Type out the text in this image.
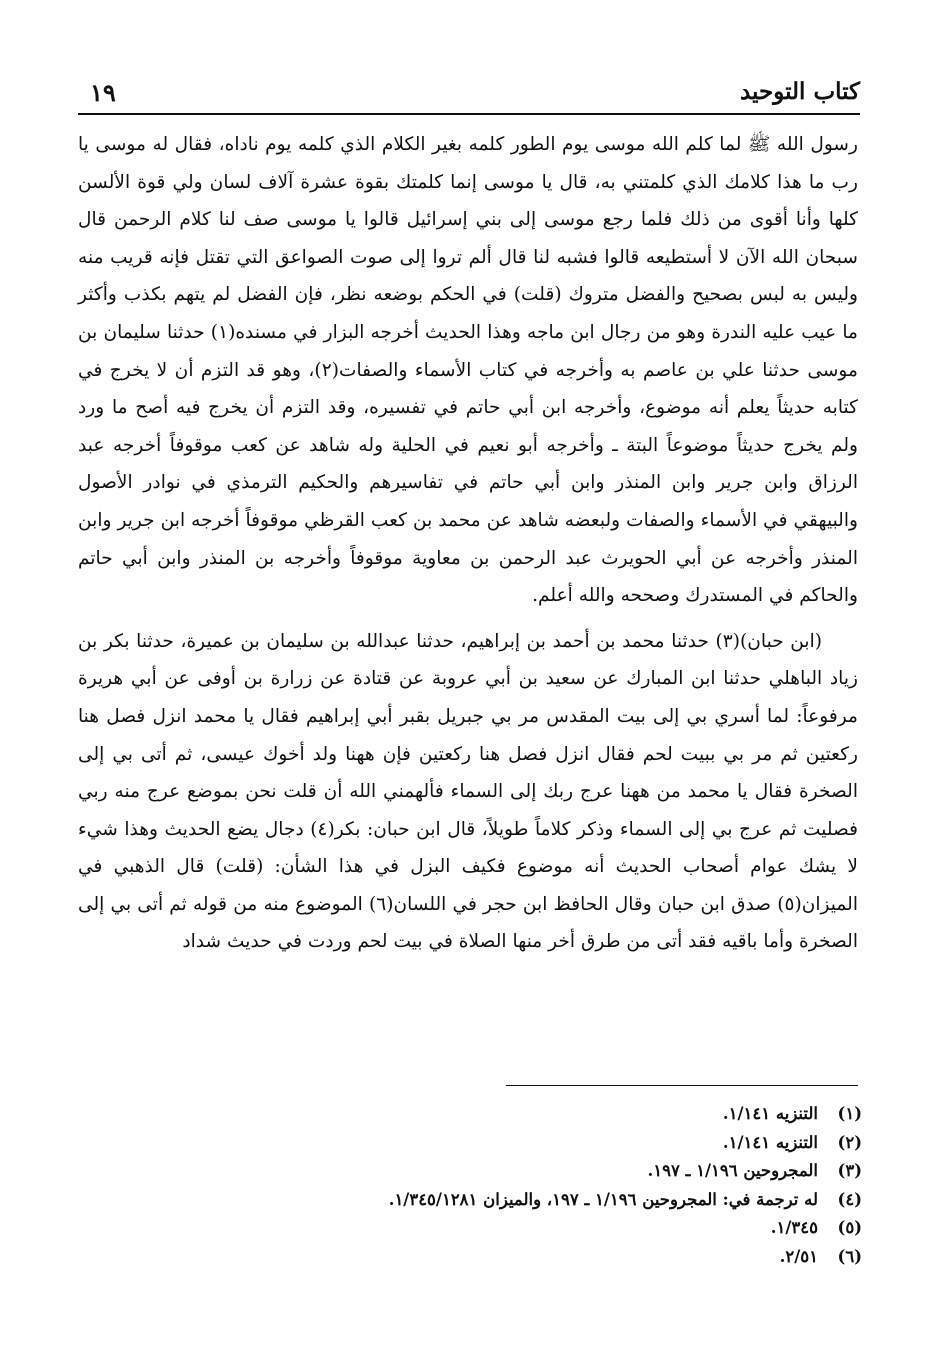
كتاب التوحيد
١٩

رسول الله ﷺ لما كلم الله موسى يوم الطور كلمه بغير الكلام الذي كلمه يوم ناداه، فقال له موسى يا رب ما هذا كلامك الذي كلمتني به، قال يا موسى إنما كلمتك بقوة عشرة آلاف لسان ولي قوة الألسن كلها وأنا أقوى من ذلك فلما رجع موسى إلى بني إسرائيل قالوا يا موسى صف لنا كلام الرحمن قال سبحان الله الآن لا أستطيعه قالوا فشبه لنا قال ألم تروا إلى صوت الصواعق التي تقتل فإنه قريب منه وليس به لبس بصحيح والفضل متروك (قلت) في الحكم بوضعه نظر، فإن الفضل لم يتهم بكذب وأكثر ما عيب عليه الندرة وهو من رجال ابن ماجه وهذا الحديث أخرجه البزار في مسنده(١) حدثنا سليمان بن موسى حدثنا علي بن عاصم به وأخرجه في كتاب الأسماء والصفات(٢)، وهو قد التزم أن لا يخرج في كتابه حديثاً يعلم أنه موضوع، وأخرجه ابن أبي حاتم في تفسيره، وقد التزم أن يخرج فيه أصح ما ورد ولم يخرج حديثاً موضوعاً البتة ـ وأخرجه أبو نعيم في الحلية وله شاهد عن كعب موقوفاً أخرجه عبد الرزاق وابن جرير وابن المنذر وابن أبي حاتم في تفاسيرهم والحكيم الترمذي في نوادر الأصول والبيهقي في الأسماء والصفات ولبعضه شاهد عن محمد بن كعب القرظي موقوفاً أخرجه ابن جرير وابن المنذر وأخرجه عن أبي الحويرث عبد الرحمن بن معاوية موقوفاً وأخرجه بن المنذر وابن أبي حاتم والحاكم في المستدرك وصححه والله أعلم.

(ابن حبان)(٣) حدثنا محمد بن أحمد بن إبراهيم، حدثنا عبدالله بن سليمان بن عميرة، حدثنا بكر بن زياد الباهلي حدثنا ابن المبارك عن سعيد بن أبي عروبة عن قتادة عن زرارة بن أوفى عن أبي هريرة مرفوعاً: لما أسري بي إلى بيت المقدس مر بي جبريل بقبر أبي إبراهيم فقال يا محمد انزل فصل هنا ركعتين ثم مر بي ببيت لحم فقال انزل فصل هنا ركعتين فإن ههنا ولد أخوك عيسى، ثم أتى بي إلى الصخرة فقال يا محمد من ههنا عرج ربك إلى السماء فألهمني الله أن قلت نحن بموضع عرج منه ربي فصليت ثم عرج بي إلى السماء وذكر كلاماً طويلاً، قال ابن حبان: بكر(٤) دجال يضع الحديث وهذا شيء لا يشك عوام أصحاب الحديث أنه موضوع فكيف البزل في هذا الشأن: (قلت) قال الذهبي في الميزان(٥) صدق ابن حبان وقال الحافظ ابن حجر في اللسان(٦) الموضوع منه من قوله ثم أتى بي إلى الصخرة وأما باقيه فقد أتى من طرق أخر منها الصلاة في بيت لحم وردت في حديث شداد

(١)التنزيه ١/١٤١.
(٢)التنزيه ١/١٤١.
(٣)المجروحين ١/١٩٦ ـ ١٩٧.
(٤)له ترجمة في: المجروحين ١/١٩٦ ـ ١٩٧، والميزان ١/٣٤٥/١٢٨١.
(٥)١/٣٤٥.
(٦)٢/٥١.
